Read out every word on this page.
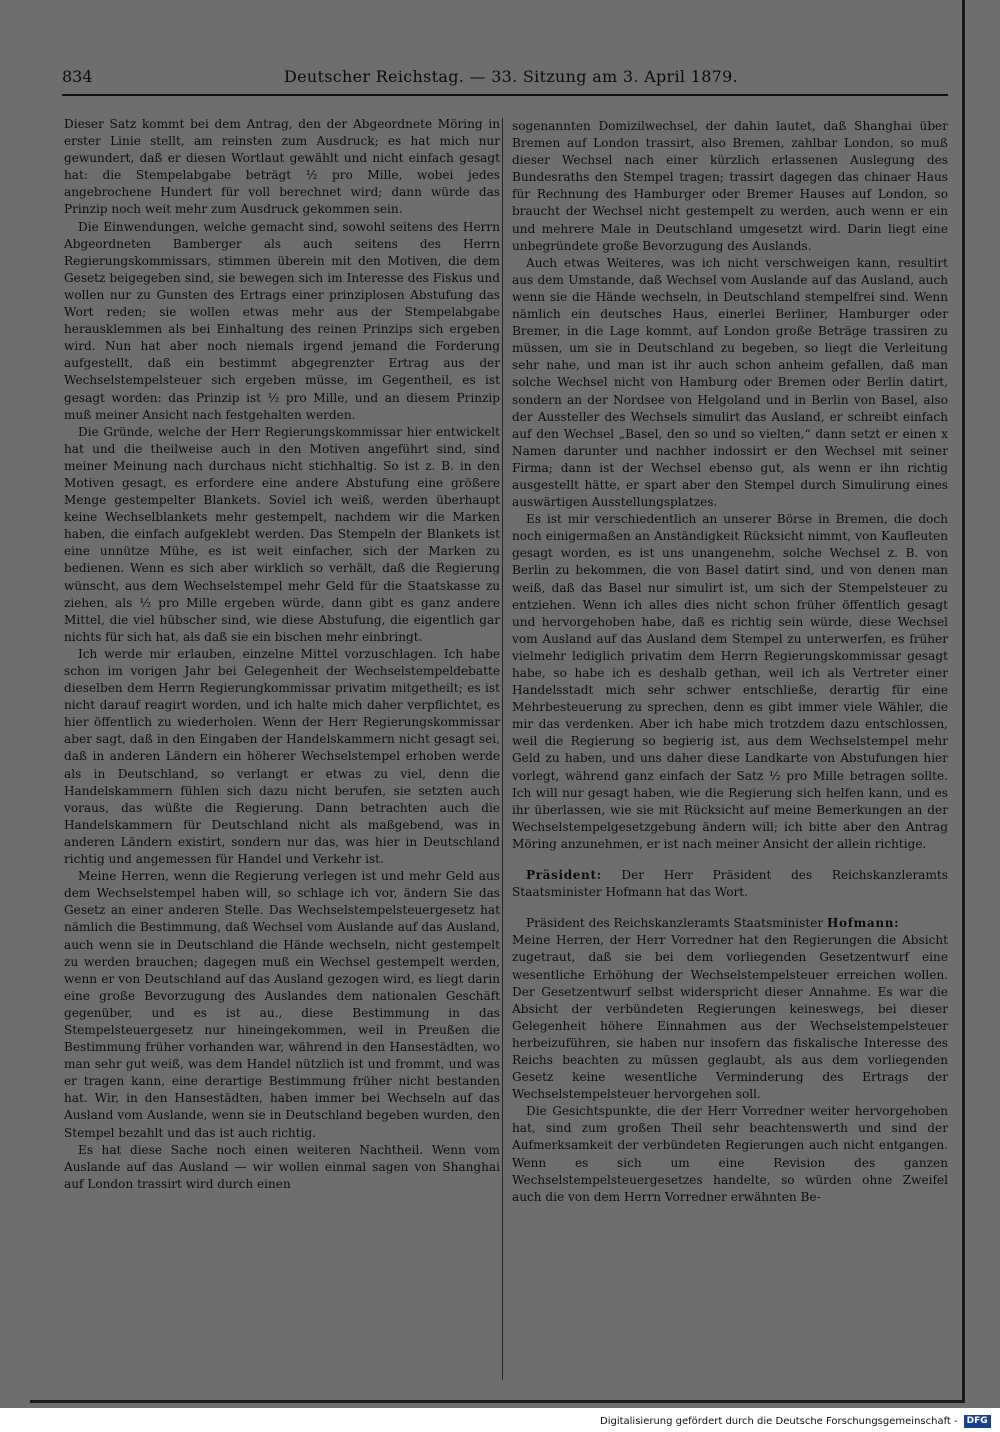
834	Deutscher Reichstag. — 33. Sitzung am 3. April 1879.

Dieser Satz kommt bei dem Antrag, den der Abgeordnete Möring in erster Linie stellt, am reinsten zum Ausdruck; es hat mich nur gewundert, daß er diesen Wortlaut gewählt und nicht einfach gesagt hat: die Stempelabgabe beträgt ½ pro Mille, wobei jedes angebrochene Hundert für voll berechnet wird; dann würde das Prinzip noch weit mehr zum Ausdruck gekommen sein.

Die Einwendungen, welche gemacht sind, sowohl seitens des Herrn Abgeordneten Bamberger als auch seitens des Herrn Regierungskommissars, stimmen überein mit den Motiven, die dem Gesetz beigegeben sind, sie bewegen sich im Interesse des Fiskus und wollen nur zu Gunsten des Ertrags einer prinziplosen Abstufung das Wort reden; sie wollen etwas mehr aus der Stempelabgabe herausklemmen als bei Einhaltung des reinen Prinzips sich ergeben wird. Nun hat aber noch niemals irgend jemand die Forderung aufgestellt, daß ein bestimmt abgegrenzter Ertrag aus der Wechselstempelsteuer sich ergeben müsse, im Gegentheil, es ist gesagt worden: das Prinzip ist ½ pro Mille, und an diesem Prinzip muß meiner Ansicht nach festgehalten werden.

Die Gründe, welche der Herr Regierungskommissar hier entwickelt hat und die theilweise auch in den Motiven angeführt sind, sind meiner Meinung nach durchaus nicht stichhaltig. So ist z. B. in den Motiven gesagt, es erfordere eine andere Abstufung eine größere Menge gestempelter Blankets. Soviel ich weiß, werden überhaupt keine Wechselblankets mehr gestempelt, nachdem wir die Marken haben, die einfach aufgeklebt werden. Das Stempeln der Blankets ist eine unnütze Mühe, es ist weit einfacher, sich der Marken zu bedienen. Wenn es sich aber wirklich so verhält, daß die Regierung wünscht, aus dem Wechselstempel mehr Geld für die Staatskasse zu ziehen, als ½ pro Mille ergeben würde, dann gibt es ganz andere Mittel, die viel hübscher sind, wie diese Abstufung, die eigentlich gar nichts für sich hat, als daß sie ein bischen mehr einbringt.

Ich werde mir erlauben, einzelne Mittel vorzuschlagen. Ich habe schon im vorigen Jahr bei Gelegenheit der Wechselstempeldebatte dieselben dem Herrn Regierungkommissar privatim mitgetheilt; es ist nicht darauf reagirt worden, und ich halte mich daher verpflichtet, es hier öffentlich zu wiederholen. Wenn der Herr Regierungskommissar aber sagt, daß in den Eingaben der Handelskammern nicht gesagt sei, daß in anderen Ländern ein höherer Wechselstempel erhoben werde als in Deutschland, so verlangt er etwas zu viel, denn die Handelskammern fühlen sich dazu nicht berufen, sie setzten auch voraus, das wüßte die Regierung. Dann betrachten auch die Handelskammern für Deutschland nicht als maßgebend, was in anderen Ländern existirt, sondern nur das, was hier in Deutschland richtig und angemessen für Handel und Verkehr ist.

Meine Herren, wenn die Regierung verlegen ist und mehr Geld aus dem Wechselstempel haben will, so schlage ich vor, ändern Sie das Gesetz an einer anderen Stelle. Das Wechselstempelsteuergesetz hat nämlich die Bestimmung, daß Wechsel vom Auslande auf das Ausland, auch wenn sie in Deutschland die Hände wechseln, nicht gestempelt zu werden brauchen; dagegen muß ein Wechsel gestempelt werden, wenn er von Deutschland auf das Ausland gezogen wird, es liegt darin eine große Bevorzugung des Auslandes dem nationalen Geschäft gegenüber, und es ist au., diese Bestimmung in das Stempelsteuergesetz nur hineingekommen, weil in Preußen die Bestimmung früher vorhanden war, während in den Hansestädten, wo man sehr gut weiß, was dem Handel nützlich ist und frommt, und was er tragen kann, eine derartige Bestimmung früher nicht bestanden hat. Wir, in den Hansestädten, haben immer bei Wechseln auf das Ausland vom Auslande, wenn sie in Deutschland begeben wurden, den Stempel bezahlt und das ist auch richtig.

Es hat diese Sache noch einen weiteren Nachtheil. Wenn vom Auslande auf das Ausland — wir wollen einmal sagen von Shanghai auf London trassirt wird durch einen

sogenannten Domizilwechsel, der dahin lautet, daß Shanghai über Bremen auf London trassirt, also Bremen, zahlbar London, so muß dieser Wechsel nach einer kürzlich erlassenen Auslegung des Bundesraths den Stempel tragen; trassirt dagegen das chinaer Haus für Rechnung des Hamburger oder Bremer Hauses auf London, so braucht der Wechsel nicht gestempelt zu werden, auch wenn er ein und mehrere Male in Deutschland umgesetzt wird. Darin liegt eine unbegründete große Bevorzugung des Auslands.

Auch etwas Weiteres, was ich nicht verschweigen kann, resultirt aus dem Umstande, daß Wechsel vom Auslande auf das Ausland, auch wenn sie die Hände wechseln, in Deutschland stempelfrei sind. Wenn nämlich ein deutsches Haus, einerlei Berliner, Hamburger oder Bremer, in die Lage kommt, auf London große Beträge trassiren zu müssen, um sie in Deutschland zu begeben, so liegt die Verleitung sehr nahe, und man ist ihr auch schon anheim gefallen, daß man solche Wechsel nicht von Hamburg oder Bremen oder Berlin datirt, sondern an der Nordsee von Helgoland und in Berlin von Basel, also der Aussteller des Wechsels simulirt das Ausland, er schreibt einfach auf den Wechsel „Basel, den so und so vielten,“ dann setzt er einen x Namen darunter und nachher indossirt er den Wechsel mit seiner Firma; dann ist der Wechsel ebenso gut, als wenn er ihn richtig ausgestellt hätte, er spart aber den Stempel durch Simulirung eines auswärtigen Ausstellungsplatzes.

Es ist mir verschiedentlich an unserer Börse in Bremen, die doch noch einigermaßen an Anständigkeit Rücksicht nimmt, von Kaufleuten gesagt worden, es ist uns unangenehm, solche Wechsel z. B. von Berlin zu bekommen, die von Basel datirt sind, und von denen man weiß, daß das Basel nur simulirt ist, um sich der Stempelsteuer zu entziehen. Wenn ich alles dies nicht schon früher öffentlich gesagt und hervorgehoben habe, daß es richtig sein würde, diese Wechsel vom Ausland auf das Ausland dem Stempel zu unterwerfen, es früher vielmehr lediglich privatim dem Herrn Regierungskommissar gesagt habe, so habe ich es deshalb gethan, weil ich als Vertreter einer Handelsstadt mich sehr schwer entschließe, derartig für eine Mehrbesteuerung zu sprechen, denn es gibt immer viele Wähler, die mir das verdenken. Aber ich habe mich trotzdem dazu entschlossen, weil die Regierung so begierig ist, aus dem Wechselstempel mehr Geld zu haben, und uns daher diese Landkarte von Abstufungen hier vorlegt, während ganz einfach der Satz ½ pro Mille betragen sollte. Ich will nur gesagt haben, wie die Regierung sich helfen kann, und es ihr überlassen, wie sie mit Rücksicht auf meine Bemerkungen an der Wechselstempelgesetzgebung ändern will; ich bitte aber den Antrag Möring anzunehmen, er ist nach meiner Ansicht der allein richtige.

Präsident: Der Herr Präsident des Reichskanzleramts Staatsminister Hofmann hat das Wort.

Präsident des Reichskanzleramts Staatsminister Hofmann:

Meine Herren, der Herr Vorredner hat den Regierungen die Absicht zugetraut, daß sie bei dem vorliegenden Gesetzentwurf eine wesentliche Erhöhung der Wechselstempelsteuer erreichen wollen. Der Gesetzentwurf selbst widerspricht dieser Annahme. Es war die Absicht der verbündeten Regierungen keineswegs, bei dieser Gelegenheit höhere Einnahmen aus der Wechselstempelsteuer herbeizuführen, sie haben nur insofern das fiskalische Interesse des Reichs beachten zu müssen geglaubt, als aus dem vorliegenden Gesetz keine wesentliche Verminderung des Ertrags der Wechselstempelsteuer hervorgehen soll.

Die Gesichtspunkte, die der Herr Vorredner weiter hervorgehoben hat, sind zum großen Theil sehr beachtenswerth und sind der Aufmerksamkeit der verbündeten Regierungen auch nicht entgangen. Wenn es sich um eine Revision des ganzen Wechselstempelsteuergesetzes handelte, so würden ohne Zweifel auch die von dem Herrn Vorredner erwähnten Be-

Digitalisierung gefördert durch die Deutsche Forschungsgemeinschaft - DFG
